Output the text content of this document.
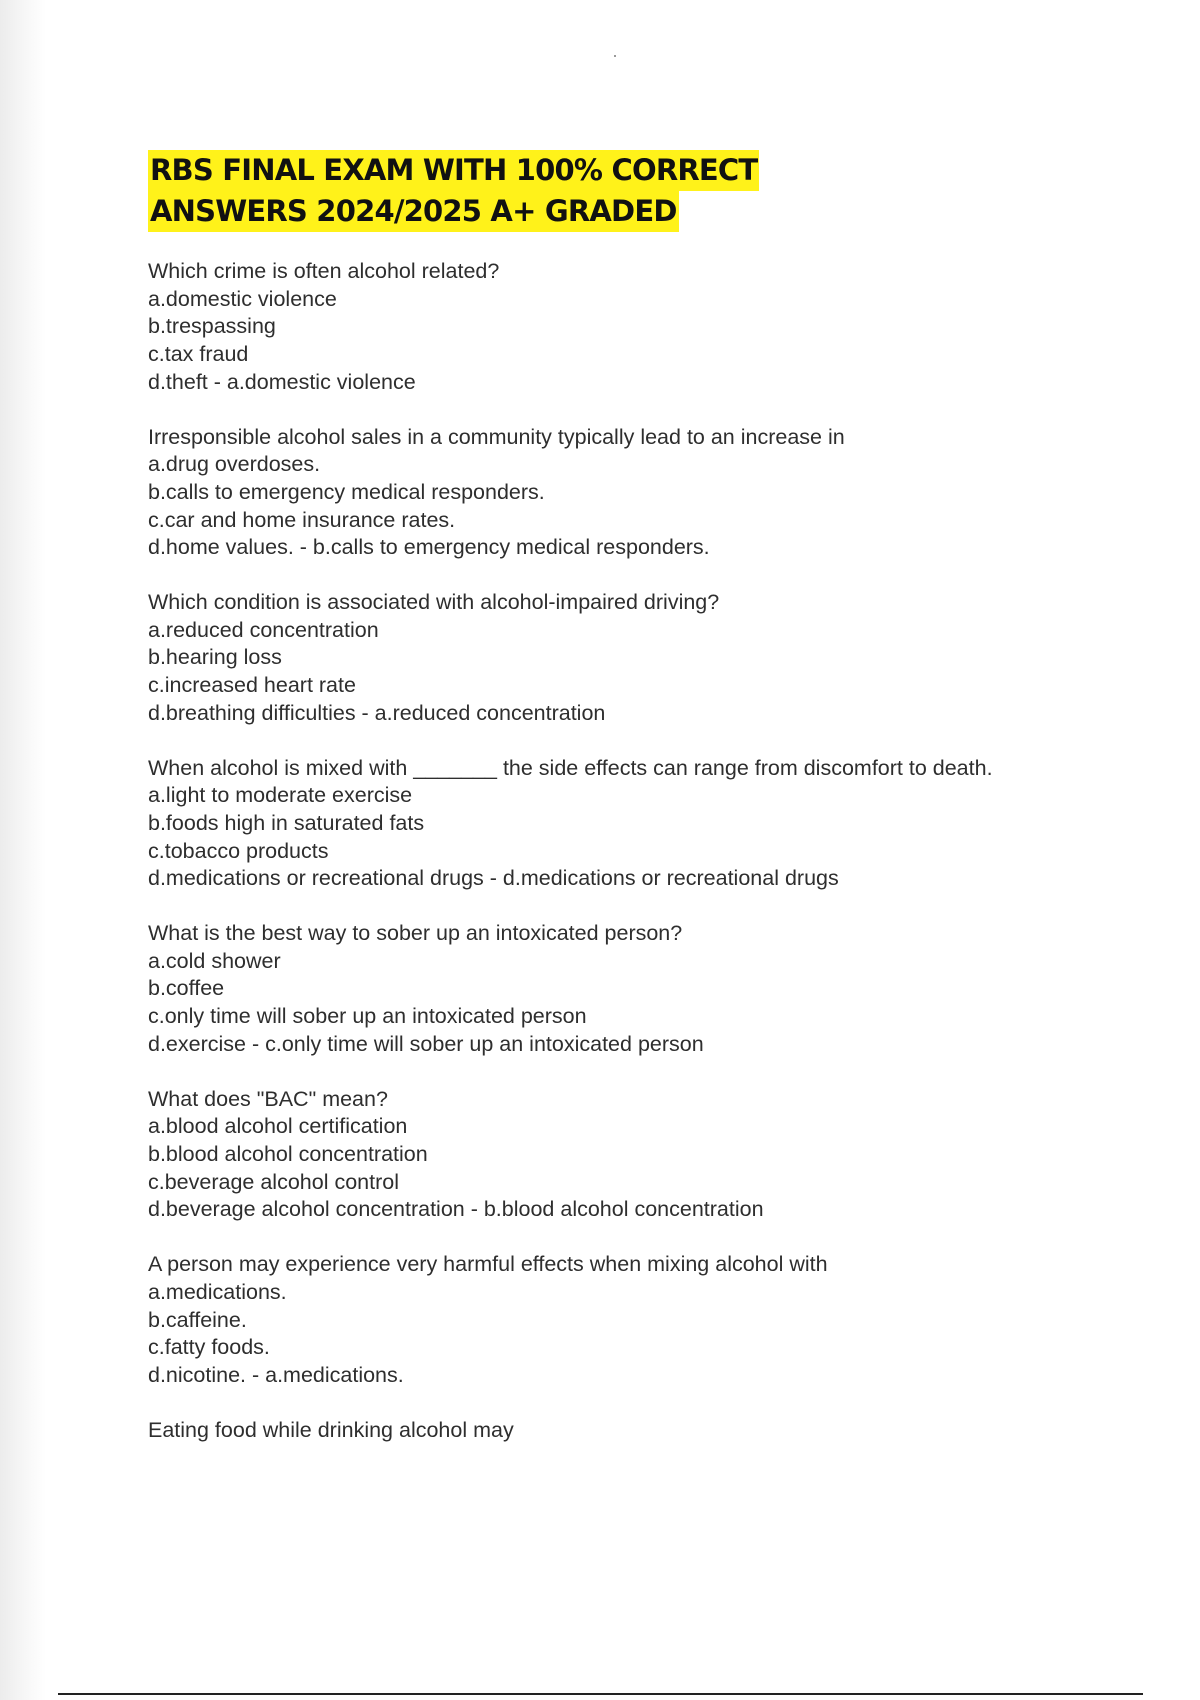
RBS FINAL EXAM WITH 100% CORRECT
ANSWERS 2024/2025 A+ GRADED
Which crime is often alcohol related?
a.domestic violence
b.trespassing
c.tax fraud
d.theft - a.domestic violence
Irresponsible alcohol sales in a community typically lead to an increase in
a.drug overdoses.
b.calls to emergency medical responders.
c.car and home insurance rates.
d.home values. - b.calls to emergency medical responders.
Which condition is associated with alcohol-impaired driving?
a.reduced concentration
b.hearing loss
c.increased heart rate
d.breathing difficulties - a.reduced concentration
When alcohol is mixed with _______ the side effects can range from discomfort to death.
a.light to moderate exercise
b.foods high in saturated fats
c.tobacco products
d.medications or recreational drugs - d.medications or recreational drugs
What is the best way to sober up an intoxicated person?
a.cold shower
b.coffee
c.only time will sober up an intoxicated person
d.exercise - c.only time will sober up an intoxicated person
What does "BAC" mean?
a.blood alcohol certification
b.blood alcohol concentration
c.beverage alcohol control
d.beverage alcohol concentration - b.blood alcohol concentration
A person may experience very harmful effects when mixing alcohol with
a.medications.
b.caffeine.
c.fatty foods.
d.nicotine. - a.medications.
Eating food while drinking alcohol may
